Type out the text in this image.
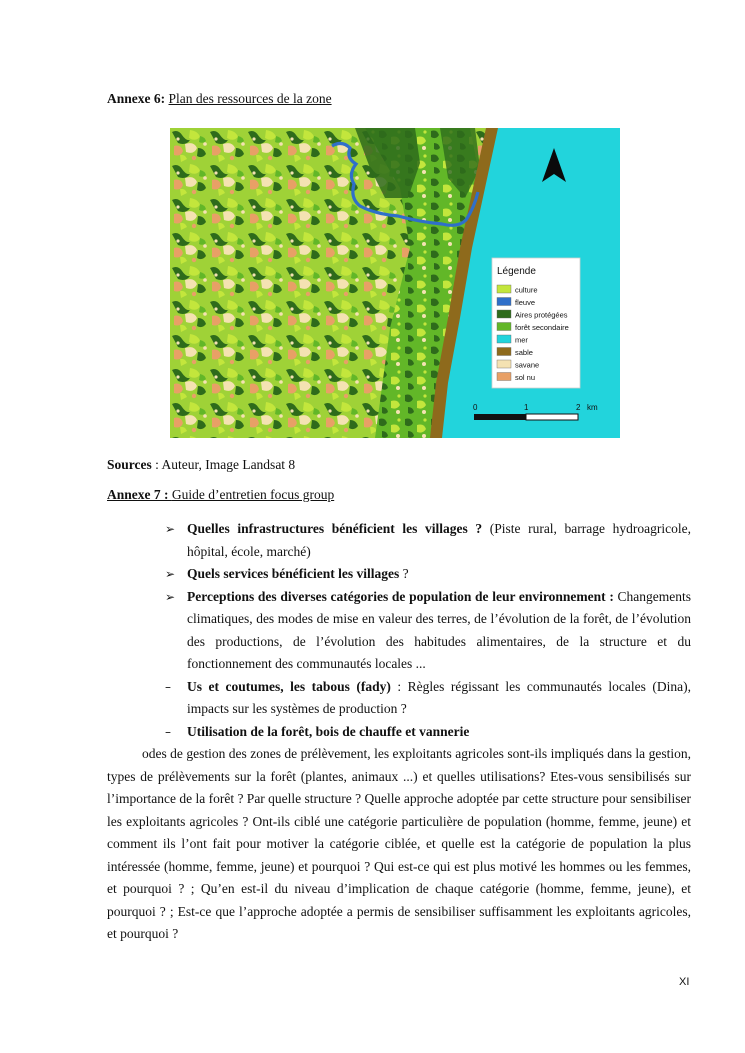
Annexe 6: Plan des ressources de la zone
Légende
culture
fleuve
Aires protégées
forêt secondaire
mer
sable
savane
sol nu
0	1	2 km
Sources : Auteur, Image Landsat 8
Annexe 7 : Guide d’entretien focus group
➢ Quelles infrastructures bénéficient les villages ? (Piste rural, barrage hydroagricole, hôpital, école, marché)
➢ Quels services bénéficient les villages ?
➢ Perceptions des diverses catégories de population de leur environnement : Changements climatiques, des modes de mise en valeur des terres, de l’évolution de la forêt, de l’évolution des productions, de l’évolution des habitudes alimentaires, de la structure et du fonctionnement des communautés locales ...
–	Us et coutumes, les tabous (fady) : Règles régissant les communautés locales (Dina), impacts sur les systèmes de production ?
–	Utilisation de la forêt, bois de chauffe et vannerie
odes de gestion des zones de prélèvement, les exploitants agricoles sont-ils impliqués dans la gestion, types de prélèvements sur la forêt (plantes, animaux ...) et quelles utilisations? Etes-vous sensibilisés sur l’importance de la forêt ? Par quelle structure ? Quelle approche adoptée par cette structure pour sensibiliser les exploitants agricoles ? Ont-ils ciblé une catégorie particulière de population (homme, femme, jeune) et comment ils l’ont fait pour motiver la catégorie ciblée, et quelle est la catégorie de population la plus intéressée (homme, femme, jeune) et pourquoi ? Qui est-ce qui est plus motivé les hommes ou les femmes, et pourquoi ? ; Qu’en est-il du niveau d’implication de chaque catégorie (homme, femme, jeune), et pourquoi ? ; Est-ce que l’approche adoptée a permis de sensibiliser suffisamment les exploitants agricoles, et pourquoi ?
XI
